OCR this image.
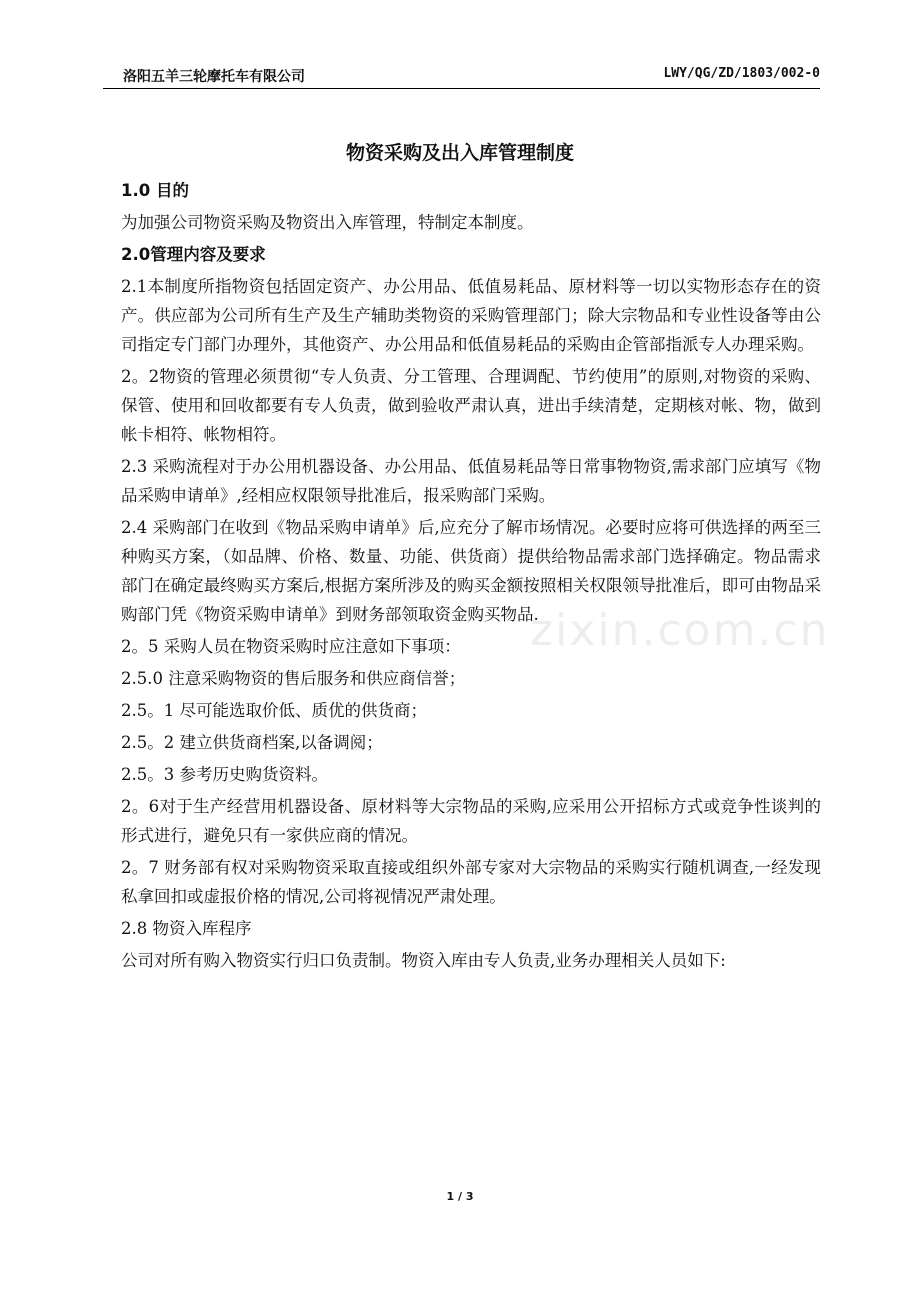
洛阳五羊三轮摩托车有限公司	LWY/QG/ZD/1803/002-0
物资采购及出入库管理制度

1.0 目的

为加强公司物资采购及物资出入库管理，特制定本制度。

2.0管理内容及要求

2.1本制度所指物资包括固定资产、办公用品、低值易耗品、原材料等一切以实物形态存在的资产。供应部为公司所有生产及生产辅助类物资的采购管理部门；除大宗物品和专业性设备等由公司指定专门部门办理外，其他资产、办公用品和低值易耗品的采购由企管部指派专人办理采购。

2。2物资的管理必须贯彻“专人负责、分工管理、合理调配、节约使用”的原则,对物资的采购、保管、使用和回收都要有专人负责，做到验收严肃认真，进出手续清楚，定期核对帐、物，做到帐卡相符、帐物相符。

2.3 采购流程对于办公用机器设备、办公用品、低值易耗品等日常事物物资,需求部门应填写《物品采购申请单》,经相应权限领导批准后，报采购部门采购。

2.4 采购部门在收到《物品采购申请单》后,应充分了解市场情况。必要时应将可供选择的两至三种购买方案，（如品牌、价格、数量、功能、供货商）提供给物品需求部门选择确定。物品需求部门在确定最终购买方案后,根据方案所涉及的购买金额按照相关权限领导批准后，即可由物品采购部门凭《物资采购申请单》到财务部领取资金购买物品.

2。5 采购人员在物资采购时应注意如下事项：

2.5.0 注意采购物资的售后服务和供应商信誉；

2.5。1 尽可能选取价低、质优的供货商；

2.5。2 建立供货商档案,以备调阅；

2.5。3 参考历史购货资料。

2。6对于生产经营用机器设备、原材料等大宗物品的采购,应采用公开招标方式或竞争性谈判的形式进行，避免只有一家供应商的情况。

2。7 财务部有权对采购物资采取直接或组织外部专家对大宗物品的采购实行随机调查,一经发现私拿回扣或虚报价格的情况,公司将视情况严肃处理。

2.8 物资入库程序

公司对所有购入物资实行归口负责制。物资入库由专人负责,业务办理相关人员如下:

zixin.com.cn
1 / 3
